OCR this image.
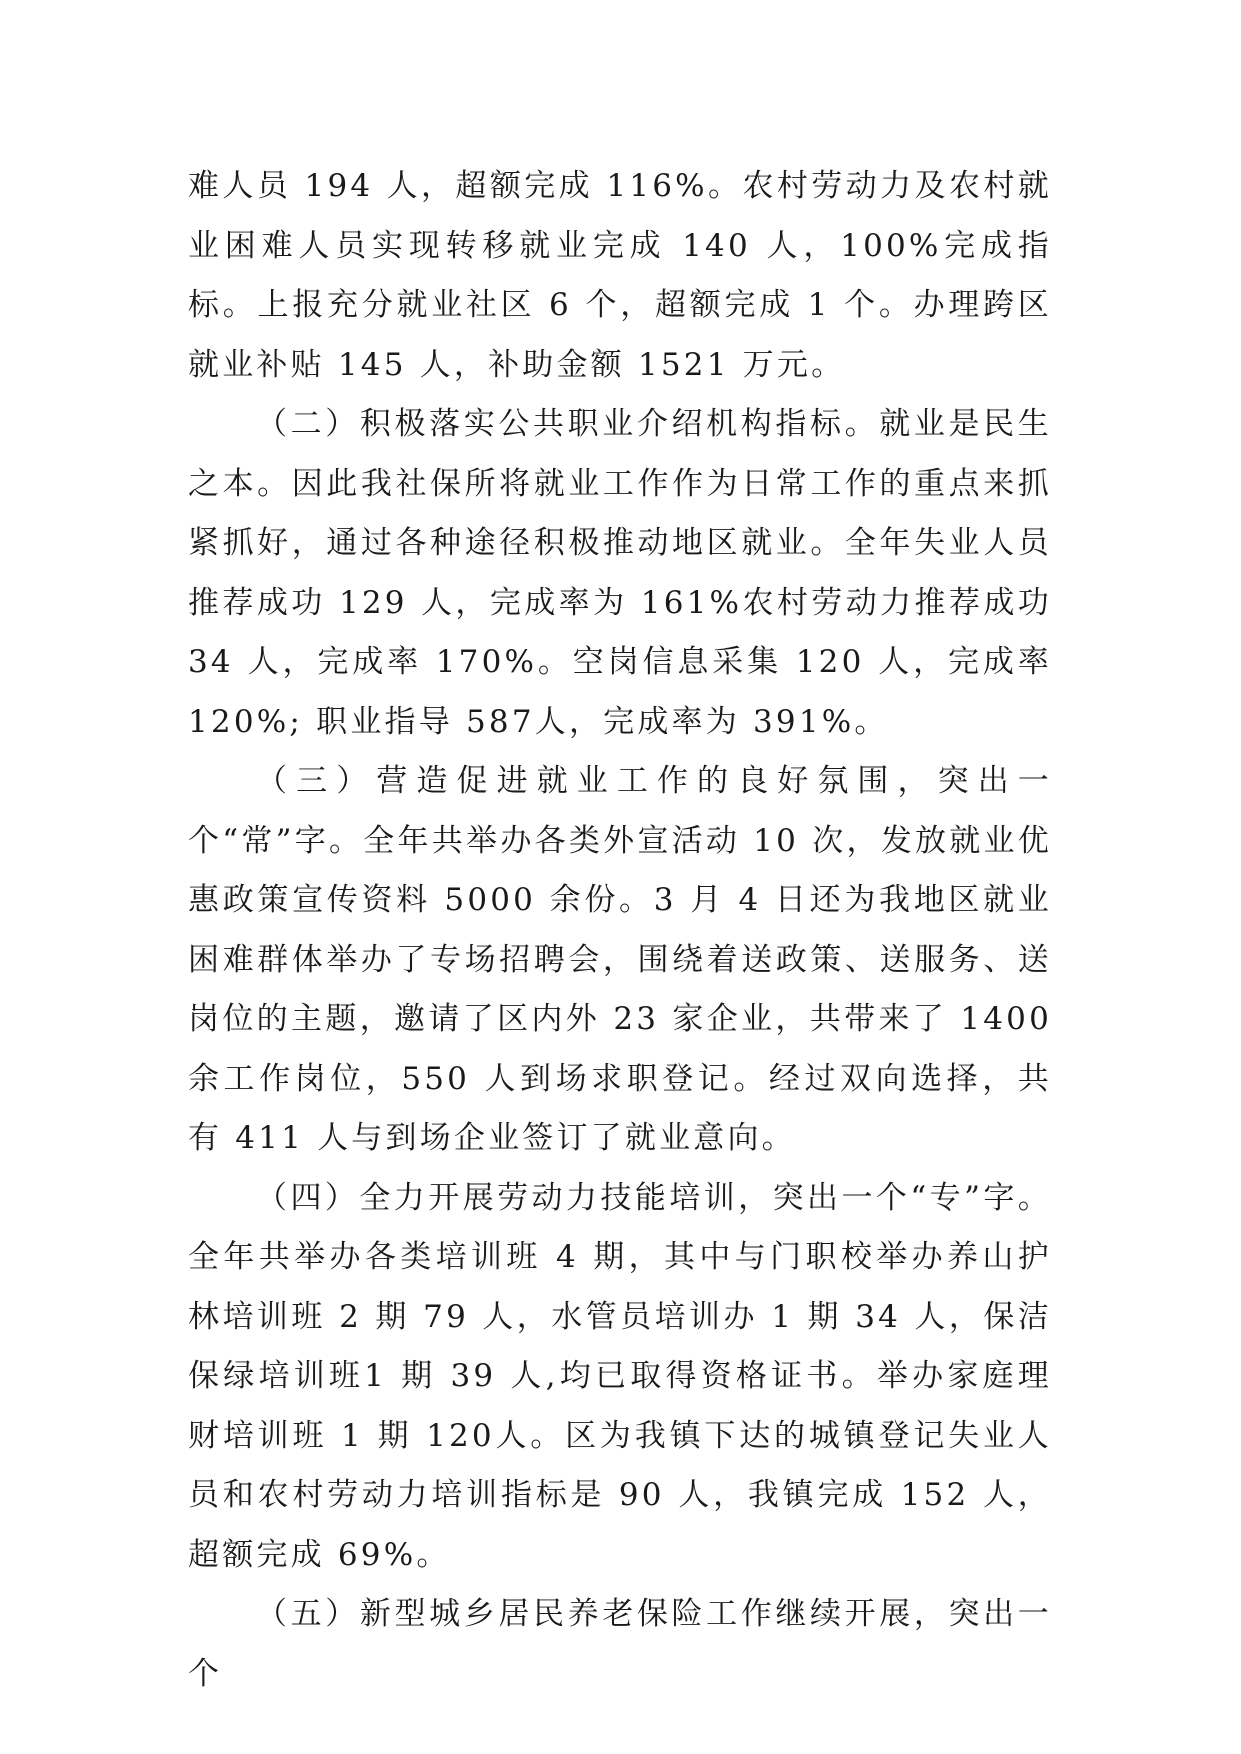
难人员 194 人，超额完成 116%。农村劳动力及农村就业困难人员实现转移就业完成 140 人，100%完成指标。上报充分就业社区 6 个，超额完成 1 个。办理跨区就业补贴 145 人，补助金额 1521 万元。

（二）积极落实公共职业介绍机构指标。就业是民生之本。因此我社保所将就业工作作为日常工作的重点来抓紧抓好，通过各种途径积极推动地区就业。全年失业人员推荐成功 129 人，完成率为 161%农村劳动力推荐成功 34 人，完成率 170%。空岗信息采集 120 人，完成率 120%; 职业指导 587人，完成率为 391%。

（三）营造促进就业工作的良好氛围，突出一个“常”字。全年共举办各类外宣活动 10 次，发放就业优惠政策宣传资料 5000 余份。3 月 4 日还为我地区就业困难群体举办了专场招聘会，围绕着送政策、送服务、送岗位的主题，邀请了区内外 23 家企业，共带来了 1400 余工作岗位，550 人到场求职登记。经过双向选择，共有 411 人与到场企业签订了就业意向。

（四）全力开展劳动力技能培训，突出一个“专”字。全年共举办各类培训班 4 期，其中与门职校举办养山护林培训班 2 期 79 人，水管员培训办 1 期 34 人，保洁保绿培训班1 期 39 人,均已取得资格证书。举办家庭理财培训班 1 期 120人。区为我镇下达的城镇登记失业人员和农村劳动力培训指标是 90 人，我镇完成 152 人，超额完成 69%。

（五）新型城乡居民养老保险工作继续开展，突出一个
